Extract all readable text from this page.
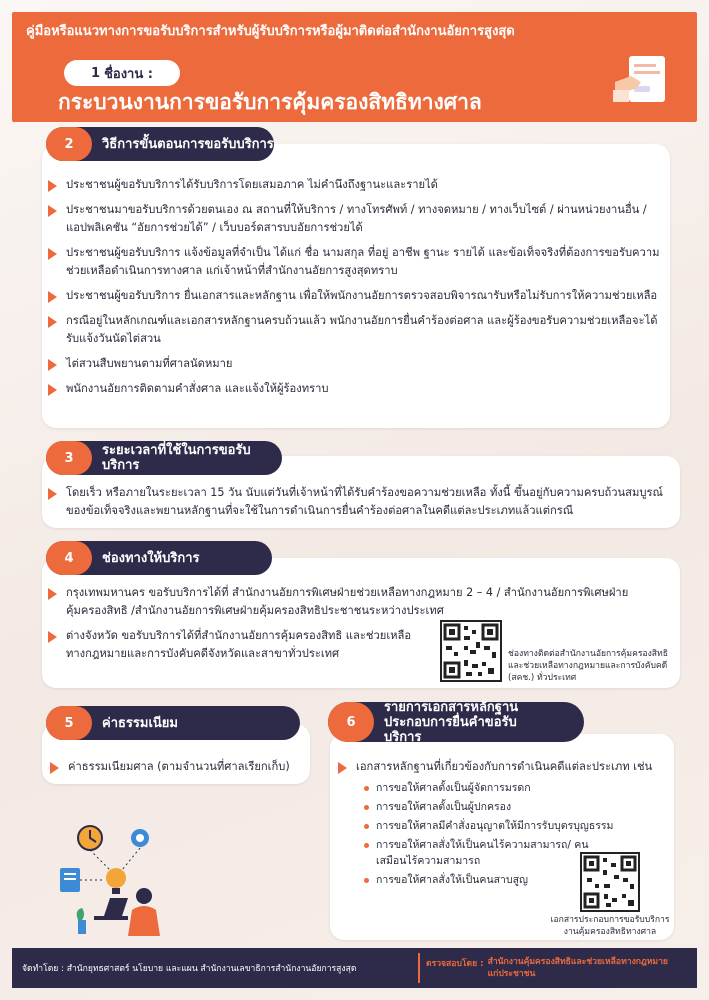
คู่มือหรือแนวทางการขอรับบริการสำหรับผู้รับบริการหรือผู้มาติดต่อสำนักงานอัยการสูงสุด
1 ชื่องาน :
กระบวนงานการขอรับการคุ้มครองสิทธิทางศาล
2	วิธีการขั้นตอนการขอรับบริการ
ประชาชนผู้ขอรับบริการได้รับบริการโดยเสมอภาค ไม่คำนึงถึงฐานะและรายได้
ประชาชนมาขอรับบริการด้วยตนเอง ณ สถานที่ให้บริการ / ทางโทรศัพท์ / ทางจดหมาย / ทางเว็บไซต์ / ผ่านหน่วยงานอื่น / แอปพลิเคชัน “อัยการช่วยได้” / เว็บบอร์ดสารบบอัยการช่วยได้
ประชาชนผู้ขอรับบริการ แจ้งข้อมูลที่จำเป็น ได้แก่ ชื่อ นามสกุล ที่อยู่ อาชีพ ฐานะ รายได้ และข้อเท็จจริงที่ต้องการขอรับความช่วยเหลือดำเนินการทางศาล แก่เจ้าหน้าที่สำนักงานอัยการสูงสุดทราบ
ประชาชนผู้ขอรับบริการ ยื่นเอกสารและหลักฐาน เพื่อให้พนักงานอัยการตรวจสอบพิจารณารับหรือไม่รับการให้ความช่วยเหลือ
กรณีอยู่ในหลักเกณฑ์และเอกสารหลักฐานครบถ้วนแล้ว พนักงานอัยการยื่นคำร้องต่อศาล และผู้ร้องขอรับความช่วยเหลือจะได้รับแจ้งวันนัดไต่สวน
ไต่สวนสืบพยานตามที่ศาลนัดหมาย
พนักงานอัยการติดตามคำสั่งศาล และแจ้งให้ผู้ร้องทราบ
3	ระยะเวลาที่ใช้ในการขอรับบริการ
โดยเร็ว หรือภายในระยะเวลา 15 วัน นับแต่วันที่เจ้าหน้าที่ได้รับคำร้องขอความช่วยเหลือ ทั้งนี้ ขึ้นอยู่กับความครบถ้วนสมบูรณ์ของข้อเท็จจริงและพยานหลักฐานที่จะใช้ในการดำเนินการยื่นคำร้องต่อศาลในคดีแต่ละประเภทแล้วแต่กรณี
4	ช่องทางให้บริการ
กรุงเทพมหานคร ขอรับบริการได้ที่ สำนักงานอัยการพิเศษฝ่ายช่วยเหลือทางกฎหมาย 2 – 4 / สำนักงานอัยการพิเศษฝ่ายคุ้มครองสิทธิ /สำนักงานอัยการพิเศษฝ่ายคุ้มครองสิทธิประชาชนระหว่างประเทศ
ต่างจังหวัด ขอรับบริการได้ที่สำนักงานอัยการคุ้มครองสิทธิ และช่วยเหลือทางกฎหมายและการบังคับคดีจังหวัดและสาขาทั่วประเทศ	ช่องทางติดต่อสำนักงานอัยการคุ้มครองสิทธิ และช่วยเหลือทางกฎหมายและการบังคับคดี (สคช.) ทั่วประเทศ
5	ค่าธรรมเนียม
ค่าธรรมเนียมศาล (ตามจำนวนที่ศาลเรียกเก็บ)
6
รายการเอกสารหลักฐานประกอบการยื่นคำขอรับบริการ
เอกสารหลักฐานที่เกี่ยวข้องกับการดำเนินคดีแต่ละประเภท เช่น
การขอให้ศาลตั้งเป็นผู้จัดการมรดก
การขอให้ศาลตั้งเป็นผู้ปกครอง
การขอให้ศาลมีคำสั่งอนุญาตให้มีการรับบุตรบุญธรรม
การขอให้ศาลสั่งให้เป็นคนไร้ความสามารถ/ คนเสมือนไร้ความสามารถ
การขอให้ศาลสั่งให้เป็นคนสาบสูญ
เอกสารประกอบการขอรับบริการ งานคุ้มครองสิทธิทางศาล
จัดทำโดย : สำนักยุทธศาสตร์ นโยบาย และแผน สำนักงานเลขาธิการสำนักงานอัยการสูงสุด	ตรวจสอบโดย : สำนักงานคุ้มครองสิทธิและช่วยเหลือทางกฎหมายแก่ประชาชน
